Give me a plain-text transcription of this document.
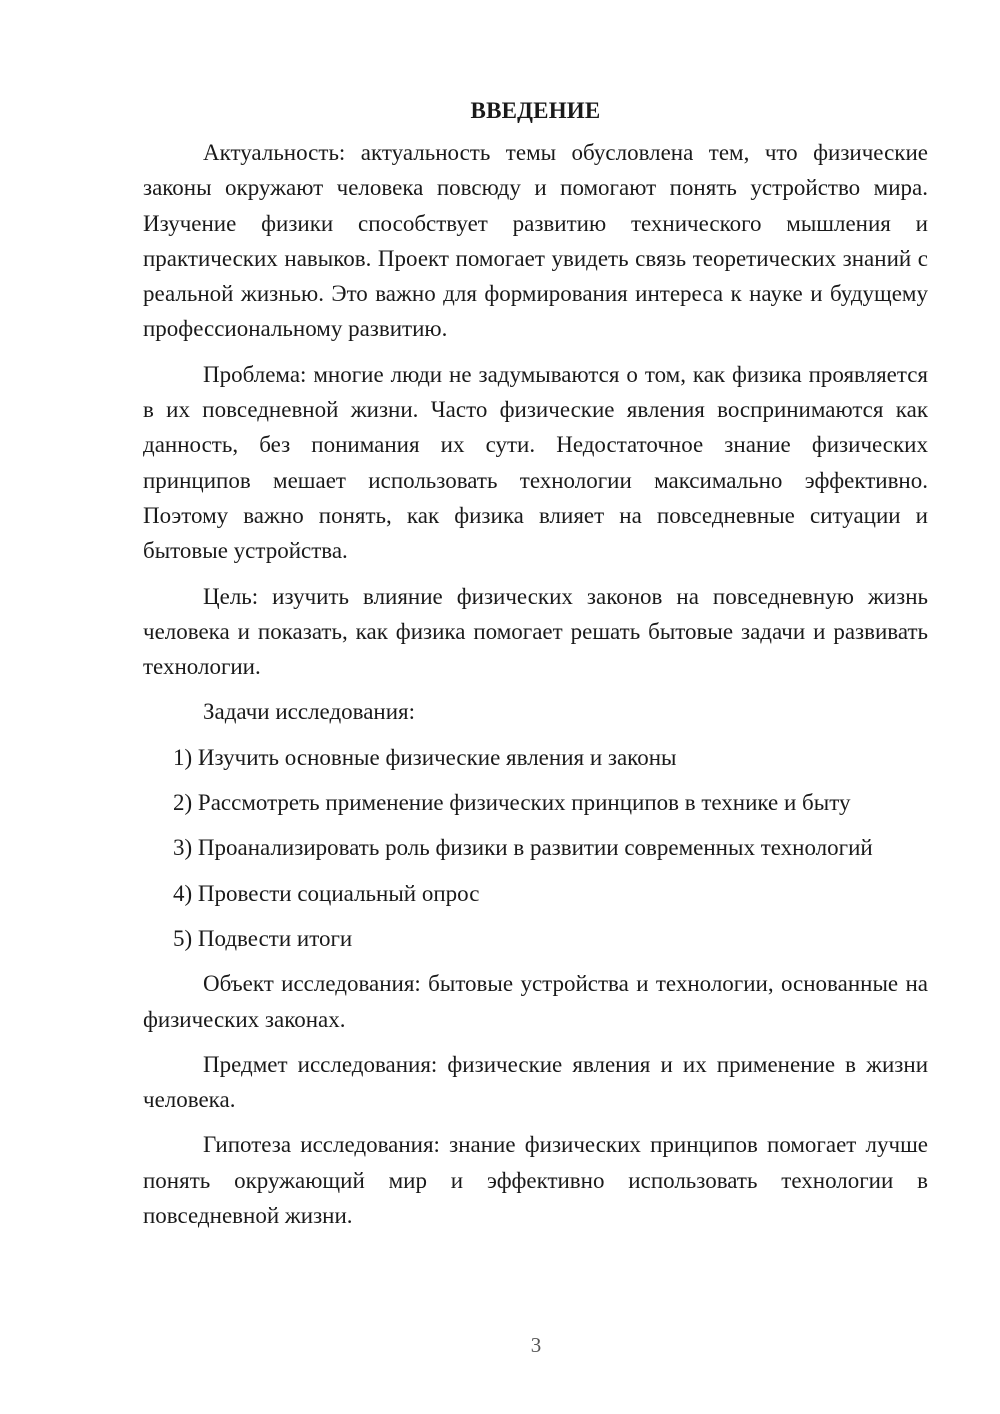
ВВЕДЕНИЕ

Актуальность: актуальность темы обусловлена тем, что физические законы окружают человека повсюду и помогают понять устройство мира. Изучение физики способствует развитию технического мышления и практических навыков. Проект помогает увидеть связь теоретических знаний с реальной жизнью. Это важно для формирования интереса к науке и будущему профессиональному развитию.

Проблема: многие люди не задумываются о том, как физика проявляется в их повседневной жизни. Часто физические явления воспринимаются как данность, без понимания их сути. Недостаточное знание физических принципов мешает использовать технологии максимально эффективно. Поэтому важно понять, как физика влияет на повседневные ситуации и бытовые устройства.

Цель: изучить влияние физических законов на повседневную жизнь человека и показать, как физика помогает решать бытовые задачи и развивать технологии.

Задачи исследования:

1) Изучить основные физические явления и законы

2) Рассмотреть применение физических принципов в технике и быту

3) Проанализировать роль физики в развитии современных технологий

4) Провести социальный опрос

5) Подвести итоги

Объект исследования: бытовые устройства и технологии, основанные на физических законах.

Предмет исследования: физические явления и их применение в жизни человека.

Гипотеза исследования: знание физических принципов помогает лучше понять окружающий мир и эффективно использовать технологии в повседневной жизни.

3
